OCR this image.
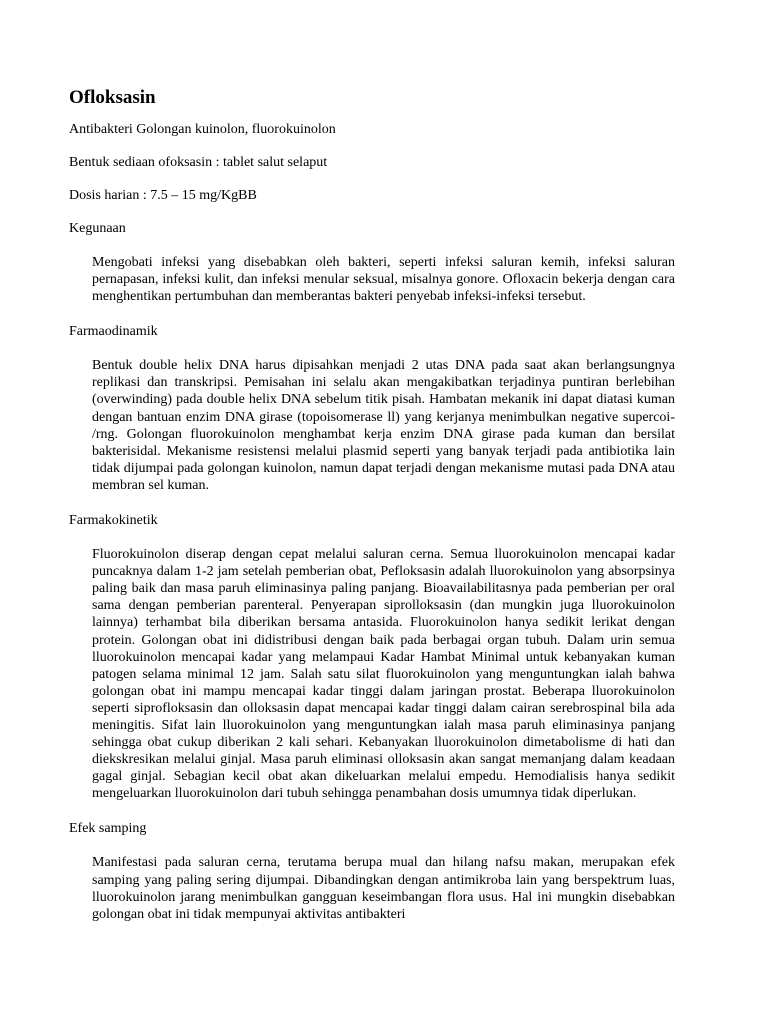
Ofloksasin
Antibakteri Golongan kuinolon, fluorokuinolon
Bentuk sediaan ofoksasin : tablet salut selaput
Dosis harian : 7.5 – 15 mg/KgBB
Kegunaan
Mengobati infeksi yang disebabkan oleh bakteri, seperti infeksi saluran kemih, infeksi saluran pernapasan, infeksi kulit, dan infeksi menular seksual, misalnya gonore. Ofloxacin bekerja dengan cara menghentikan pertumbuhan dan memberantas bakteri penyebab infeksi-infeksi tersebut.
Farmaodinamik
Bentuk double helix DNA harus dipisahkan menjadi 2 utas DNA pada saat akan berlangsungnya replikasi dan transkripsi. Pemisahan ini selalu akan mengakibatkan terjadinya puntiran berlebihan (overwinding) pada double helix DNA sebelum titik pisah. Hambatan mekanik ini dapat diatasi kuman dengan bantuan enzim DNA girase (topoisomerase ll) yang kerjanya menimbulkan negative supercoi- /rng. Golongan fluorokuinolon menghambat kerja enzim DNA girase pada kuman dan bersilat bakterisidal. Mekanisme resistensi melalui plasmid seperti yang banyak terjadi pada antibiotika lain tidak dijumpai pada golongan kuinolon, namun dapat terjadi dengan mekanisme mutasi pada DNA atau membran sel kuman.
Farmakokinetik
Fluorokuinolon diserap dengan cepat melalui saluran cerna. Semua lluorokuinolon mencapai kadar puncaknya dalam 1-2 jam setelah pemberian obat, Pefloksasin adalah lluorokuinolon yang absorpsinya paling baik dan masa paruh eliminasinya paling panjang. Bioavailabilitasnya pada pemberian per oral sama dengan pemberian parenteral. Penyerapan siprolloksasin (dan mungkin juga lluorokuinolon lainnya) terhambat bila diberikan bersama antasida. Fluorokuinolon hanya sedikit lerikat dengan protein. Golongan obat ini didistribusi dengan baik pada berbagai organ tubuh. Dalam urin semua lluorokuinolon mencapai kadar yang melampaui Kadar Hambat Minimal untuk kebanyakan kuman patogen selama minimal 12 jam. Salah satu silat fluorokuinolon yang menguntungkan ialah bahwa golongan obat ini mampu mencapai kadar tinggi dalam jaringan prostat. Beberapa lluorokuinolon seperti siprofloksasin dan olloksasin dapat mencapai kadar tinggi dalam cairan serebrospinal bila ada meningitis. Sifat lain lluorokuinolon yang menguntungkan ialah masa paruh eliminasinya panjang sehingga obat cukup diberikan 2 kali sehari. Kebanyakan lluorokuinolon dimetabolisme di hati dan diekskresikan melalui ginjal. Masa paruh eliminasi olloksasin akan sangat memanjang dalam keadaan gagal ginjal. Sebagian kecil obat akan dikeluarkan melalui empedu. Hemodialisis hanya sedikit mengeluarkan lluorokuinolon dari tubuh sehingga penambahan dosis umumnya tidak diperlukan.
Efek samping
Manifestasi pada saluran cerna, terutama berupa mual dan hilang nafsu makan, merupakan efek samping yang paling sering dijumpai. Dibandingkan dengan antimikroba lain yang berspektrum luas, lluorokuinolon jarang menimbulkan gangguan keseimbangan flora usus. Hal ini mungkin disebabkan golongan obat ini tidak mempunyai aktivitas antibakteri
